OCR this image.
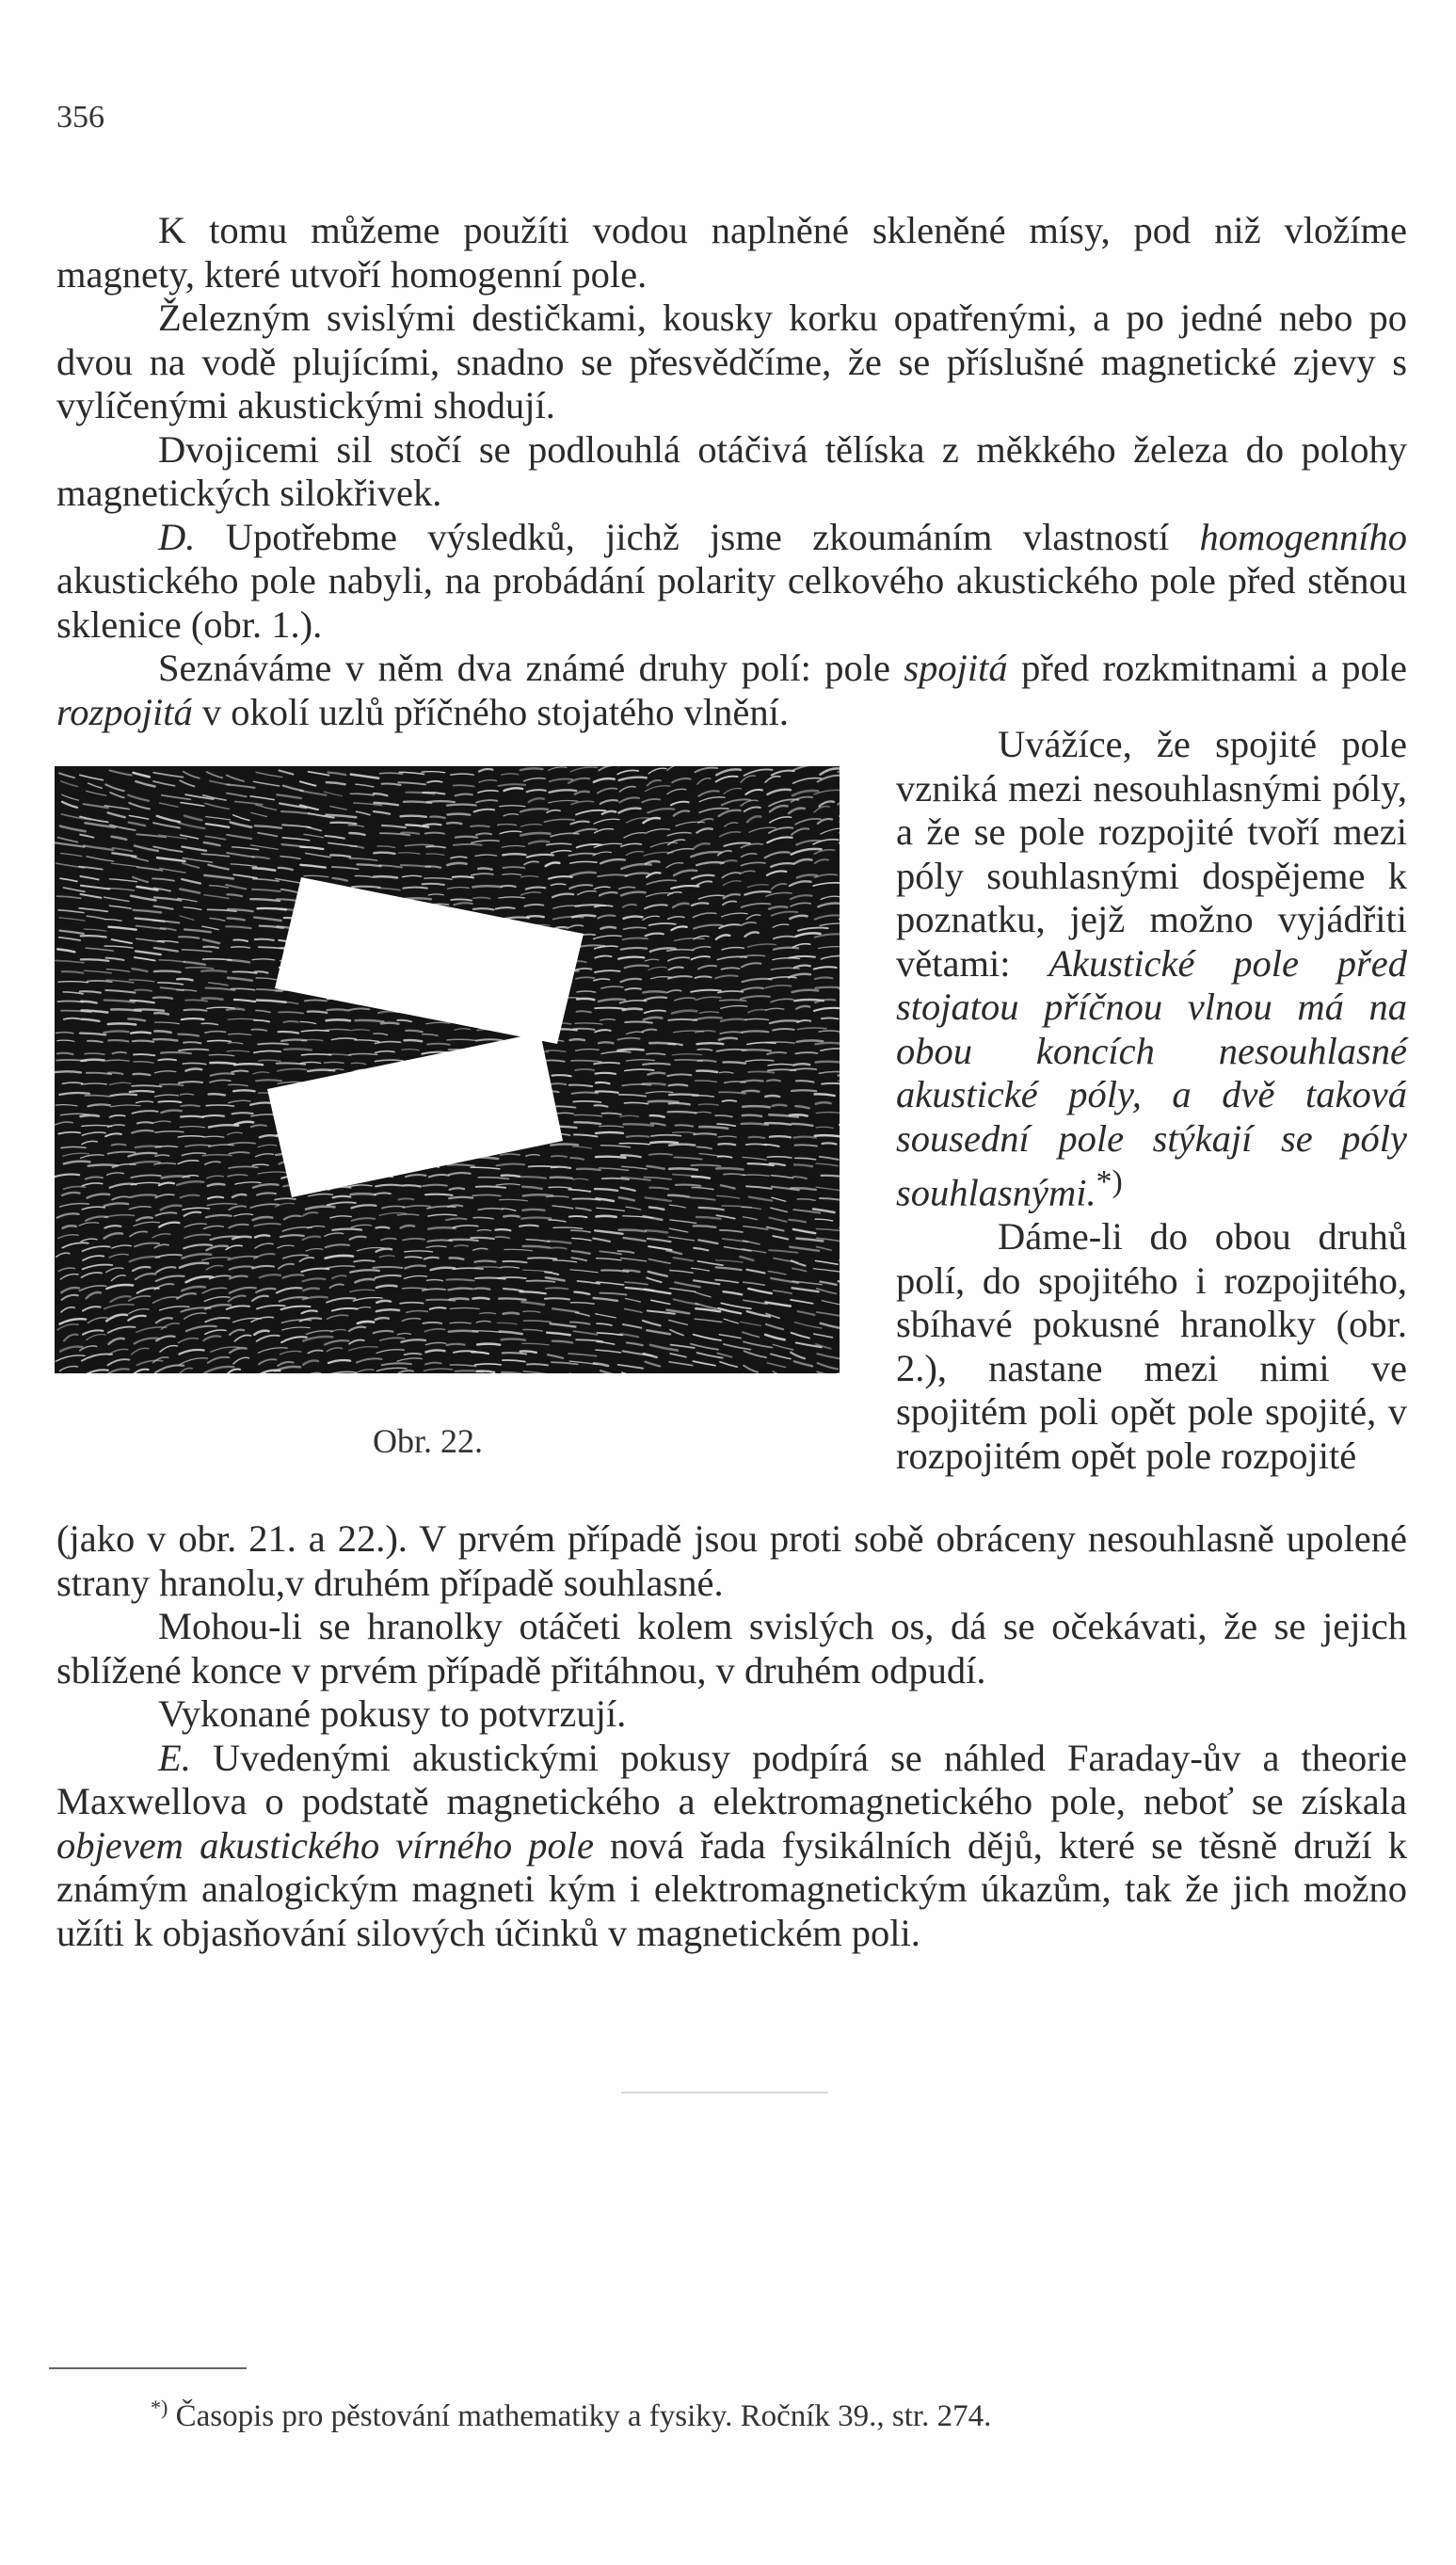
356

K tomu můžeme použíti vodou naplněné skleněné mísy, pod niž vložíme magnety, které utvoří homogenní pole.

Železným svislými destičkami, kousky korku opatřenými, a po jedné nebo po dvou na vodě plujícími, snadno se přesvědčíme, že se příslušné magnetické zjevy s vylíčenými akustickými shodují.

Dvojicemi sil stočí se podlouhlá otáčivá tělíska z měkkého železa do polohy magnetických silokřivek.

D. Upotřebme výsledků, jichž jsme zkoumáním vlastností homogenního akustického pole nabyli, na probádání polarity celkového akustického pole před stěnou sklenice (obr. 1.).

Seznáváme v něm dva známé druhy polí: pole spojitá před rozkmitnami a pole rozpojitá v okolí uzlů příčného stojatého vlnění.

Obr. 22.

Uvážíce, že spojité pole vzniká mezi nesouhlasnými póly, a že se pole rozpojité tvoří mezi póly souhlasnými dospějeme k poznatku, jejž možno vyjádřiti větami: Akustické pole před stojatou příčnou vlnou má na obou koncích nesouhlasné akustické póly, a dvě taková sousední pole stýkají se póly souhlasnými.*)

Dáme-li do obou druhů polí, do spojitého i rozpojitého, sbíhavé pokusné hranolky (obr. 2.), nastane mezi nimi ve spojitém poli opět pole spojité, v rozpojitém opět pole rozpojité

(jako v obr. 21. a 22.). V prvém případě jsou proti sobě obráceny nesouhlasně upolené strany hranolu,v druhém případě souhlasné.

Mohou-li se hranolky otáčeti kolem svislých os, dá se očekávati, že se jejich sblížené konce v prvém případě přitáhnou, v druhém odpudí.

Vykonané pokusy to potvrzují.

E. Uvedenými akustickými pokusy podpírá se náhled Faraday-ův a theorie Maxwellova o podstatě magnetického a elektromagnetického pole, neboť se získala objevem akustického vírného pole nová řada fysikálních dějů, které se těsně druží k známým analogickým magneti kým i elektromagnetickým úkazům, tak že jich možno užíti k objasňování silových účinků v magnetickém poli.

*) Časopis pro pěstování mathematiky a fysiky. Ročník 39., str. 274.
